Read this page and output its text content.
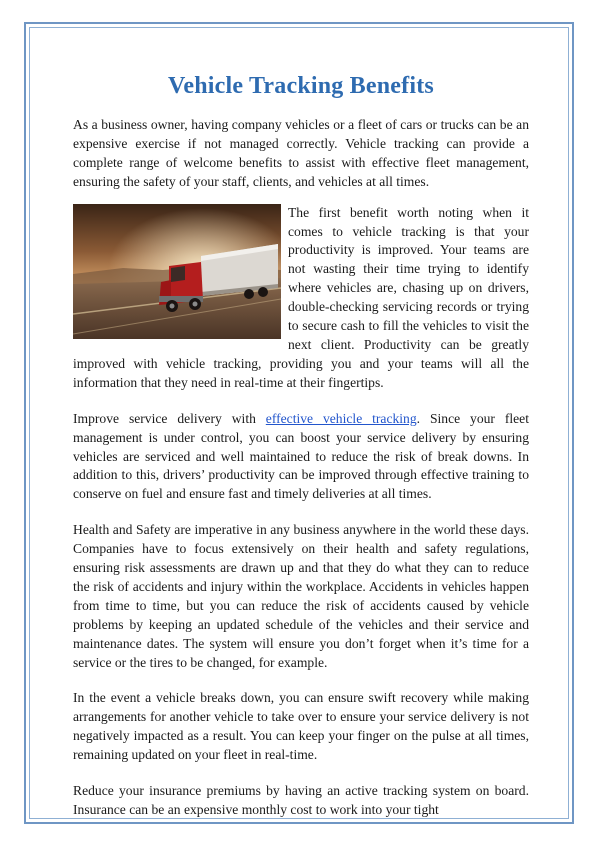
Vehicle Tracking Benefits

As a business owner, having company vehicles or a fleet of cars or trucks can be an expensive exercise if not managed correctly. Vehicle tracking can provide a complete range of welcome benefits to assist with effective fleet management, ensuring the safety of your staff, clients, and vehicles at all times.

The first benefit worth noting when it comes to vehicle tracking is that your productivity is improved. Your teams are not wasting their time trying to identify where vehicles are, chasing up on drivers, double-checking servicing records or trying to secure cash to fill the vehicles to visit the next client. Productivity can be greatly improved with vehicle tracking, providing you and your teams will all the information that they need in real-time at their fingertips.

Improve service delivery with effective vehicle tracking. Since your fleet management is under control, you can boost your service delivery by ensuring vehicles are serviced and well maintained to reduce the risk of break downs. In addition to this, drivers’ productivity can be improved through effective training to conserve on fuel and ensure fast and timely deliveries at all times.

Health and Safety are imperative in any business anywhere in the world these days. Companies have to focus extensively on their health and safety regulations, ensuring risk assessments are drawn up and that they do what they can to reduce the risk of accidents and injury within the workplace. Accidents in vehicles happen from time to time, but you can reduce the risk of accidents caused by vehicle problems by keeping an updated schedule of the vehicles and their service and maintenance dates. The system will ensure you don’t forget when it’s time for a service or the tires to be changed, for example.

In the event a vehicle breaks down, you can ensure swift recovery while making arrangements for another vehicle to take over to ensure your service delivery is not negatively impacted as a result. You can keep your finger on the pulse at all times, remaining updated on your fleet in real-time.

Reduce your insurance premiums by having an active tracking system on board. Insurance can be an expensive monthly cost to work into your tight
